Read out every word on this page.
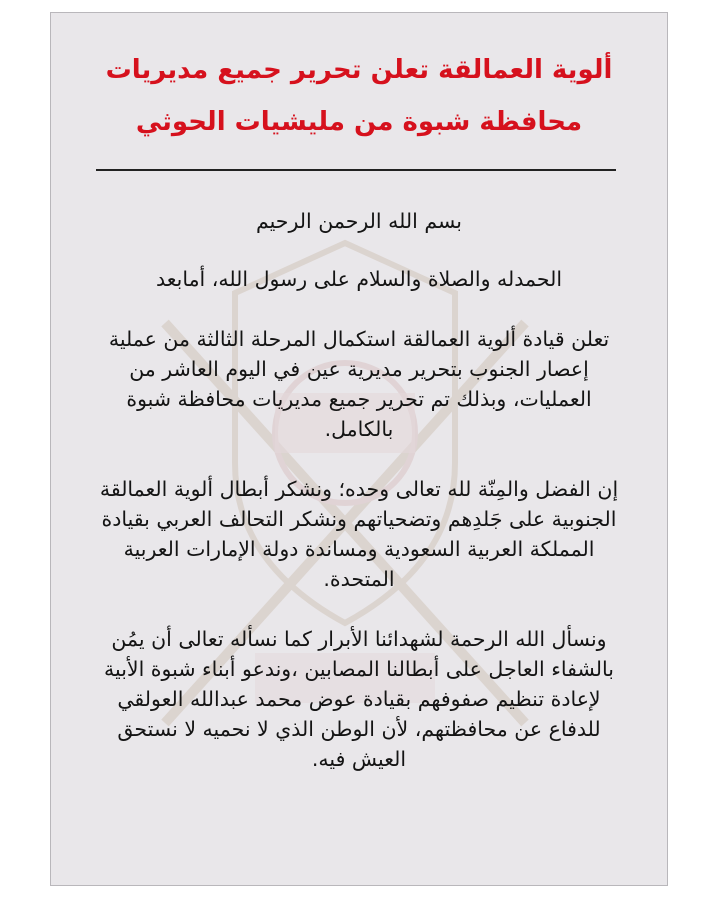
ألوية العمالقة تعلن تحرير جميع مديريات
محافظة شبوة من مليشيات الحوثي

بسم الله الرحمن الرحيم

الحمدله والصلاة والسلام على رسول الله، أمابعد

تعلن قيادة ألوية العمالقة استكمال المرحلة الثالثة من عملية إعصار الجنوب بتحرير مديرية عين في اليوم العاشر من العمليات، وبذلك تم تحرير جميع مديريات محافظة شبوة بالكامل.

إن الفضل والمِنّة لله تعالى وحده؛ ونشكر أبطال ألوية العمالقة الجنوبية على جَلدِهم وتضحياتهم ونشكر التحالف العربي بقيادة المملكة العربية السعودية ومساندة دولة الإمارات العربية المتحدة.

ونسأل الله الرحمة لشهدائنا الأبرار كما نسأله تعالى أن يمُن بالشفاء العاجل على أبطالنا المصابين ،وندعو أبناء شبوة الأبية لإعادة تنظيم صفوفهم بقيادة عوض محمد عبدالله العولقي للدفاع عن محافظتهم، لأن الوطن الذي لا نحميه لا نستحق العيش فيه.
